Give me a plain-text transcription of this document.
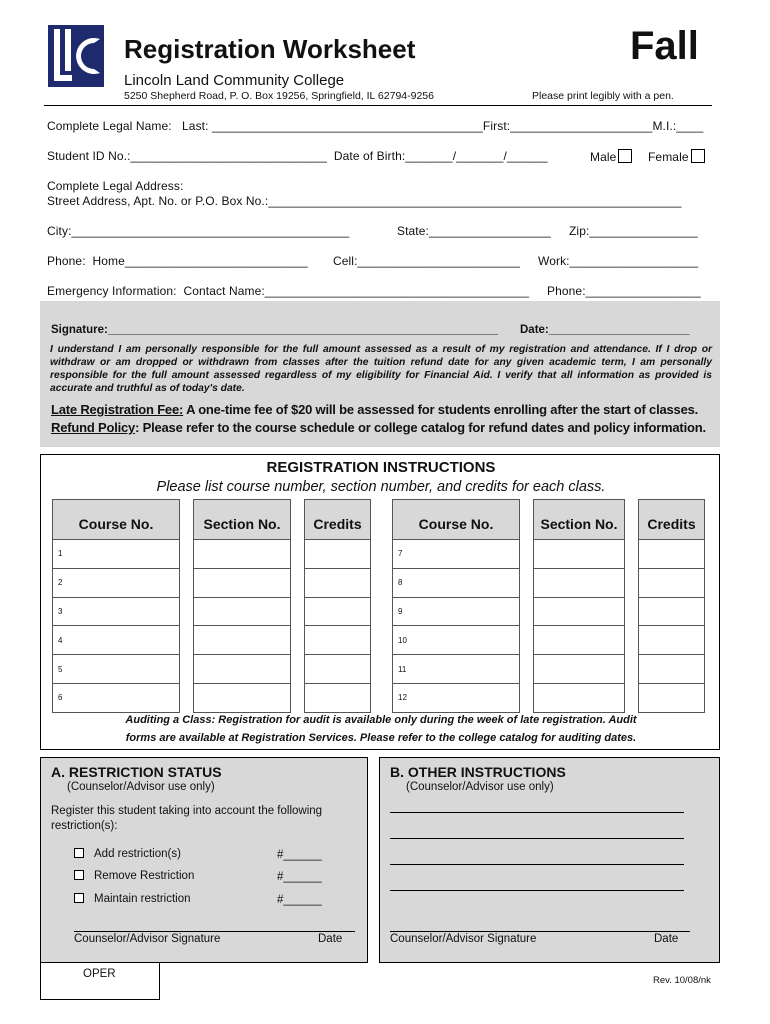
Registration Worksheet	Fall
Lincoln Land Community College
5250 Shepherd Road, P. O. Box 19256, Springfield, IL 62794-9256	Please print legibly with a pen.
Complete Legal Name:   Last: ________________________________________First:_____________________M.I.:____
Student ID No.:_____________________________  Date of Birth:_______/_______/______	Male	Female
Complete Legal Address:
Street Address, Apt. No. or P.O. Box No.:_____________________________________________________________
City:_________________________________________	State:__________________ Zip:________________
Phone:  Home___________________________ Cell:________________________ Work:___________________
Emergency Information:  Contact Name:_______________________________________ Phone:_________________
Signature:_____________________________________________________________ Date:______________________
I understand I am personally responsible for the full amount assessed as a result of my registration and attendance. If I drop or withdraw or am dropped or withdrawn from classes after the tuition refund date for any given academic term, I am personally responsible for the full amount assessed regardless of my eligibility for Financial Aid. I verify that all information as provided is accurate and truthful as of today's date.
Late Registration Fee: A one-time fee of $20 will be assessed for students enrolling after the start of classes.
Refund Policy: Please refer to the course schedule or college catalog for refund dates and policy information.
REGISTRATION INSTRUCTIONS
Please list course number, section number, and credits for each class.
Course No.		Section No.		Credits
1				
2				
3				
4				
5				
6				
Course No.		Section No.		Credits
7				
8				
9				
10				
11				
12				
Auditing a Class: Registration for audit is available only during the week of late registration. Audit
forms are available at Registration Services. Please refer to the college catalog for auditing dates.
A. RESTRICTION STATUS
(Counselor/Advisor use only)
Register this student taking into account the following restriction(s):
Add restriction(s)	#______
Remove Restriction	#______
Maintain restriction	#______
Counselor/Advisor Signature	Date
B. OTHER INSTRUCTIONS
(Counselor/Advisor use only)
Counselor/Advisor Signature	Date
OPER
Rev. 10/08/nk
